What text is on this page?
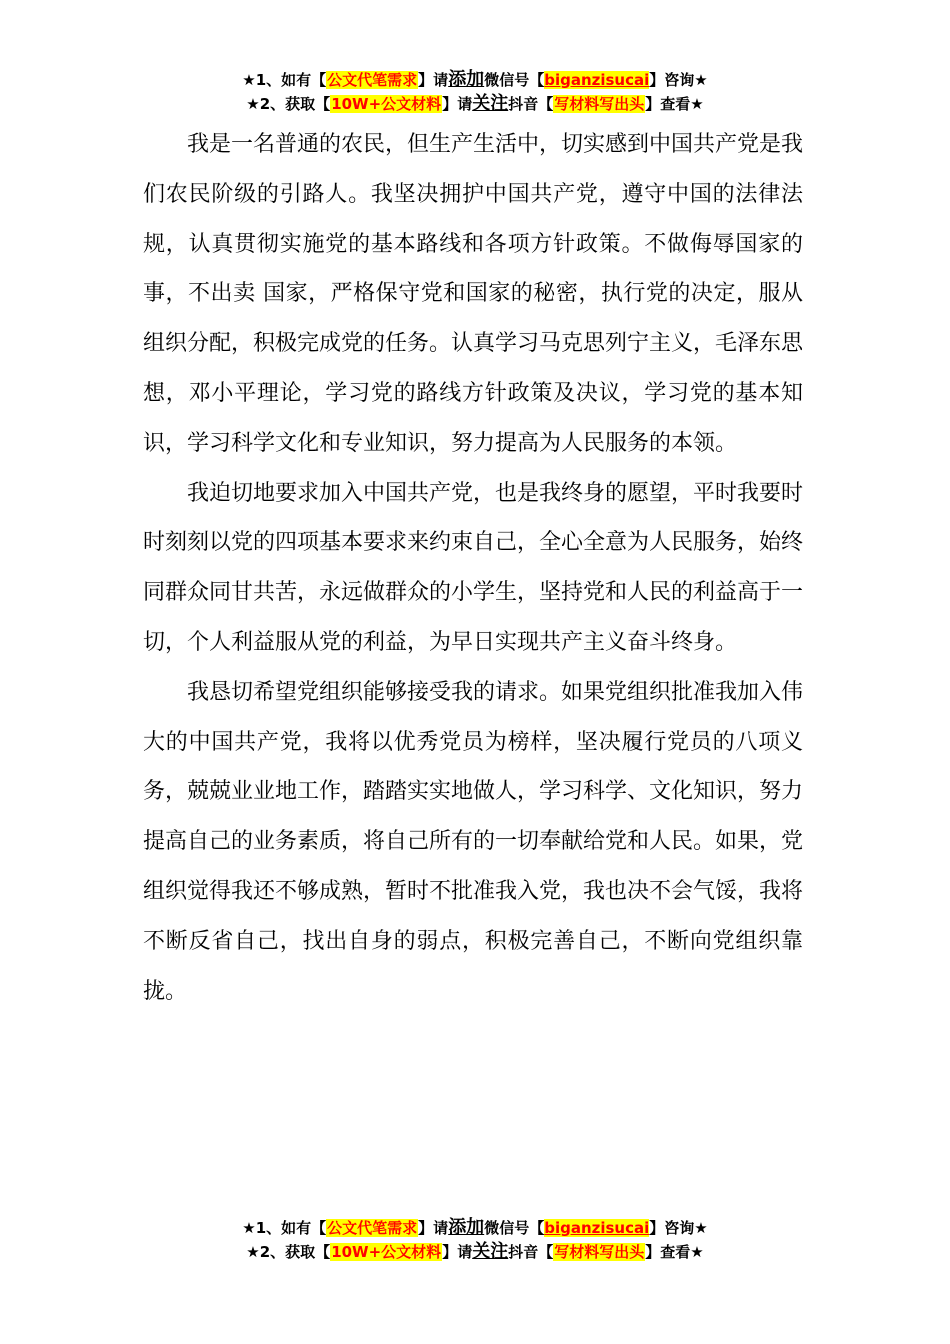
★1、如有【公文代笔需求】请添加微信号【biganzisucai】咨询★
★2、获取【10W+公文材料】请关注抖音【写材料写出头】查看★

我是一名普通的农民，但生产生活中，切实感到中国共产党是我们农民阶级的引路人。我坚决拥护中国共产党，遵守中国的法律法规，认真贯彻实施党的基本路线和各项方针政策。不做侮辱国家的事，不出卖 国家，严格保守党和国家的秘密，执行党的决定，服从组织分配，积极完成党的任务。认真学习马克思列宁主义，毛泽东思想，邓小平理论，学习党的路线方针政策及决议，学习党的基本知识，学习科学文化和专业知识，努力提高为人民服务的本领。

我迫切地要求加入中国共产党，也是我终身的愿望，平时我要时时刻刻以党的四项基本要求来约束自己，全心全意为人民服务，始终同群众同甘共苦，永远做群众的小学生，坚持党和人民的利益高于一切，个人利益服从党的利益，为早日实现共产主义奋斗终身。

我恳切希望党组织能够接受我的请求。如果党组织批准我加入伟大的中国共产党，我将以优秀党员为榜样，坚决履行党员的八项义务，兢兢业业地工作，踏踏实实地做人，学习科学、文化知识，努力提高自己的业务素质，将自己所有的一切奉献给党和人民。如果，党组织觉得我还不够成熟，暂时不批准我入党，我也决不会气馁，我将不断反省自己，找出自身的弱点，积极完善自己，不断向党组织靠拢。

★1、如有【公文代笔需求】请添加微信号【biganzisucai】咨询★
★2、获取【10W+公文材料】请关注抖音【写材料写出头】查看★
